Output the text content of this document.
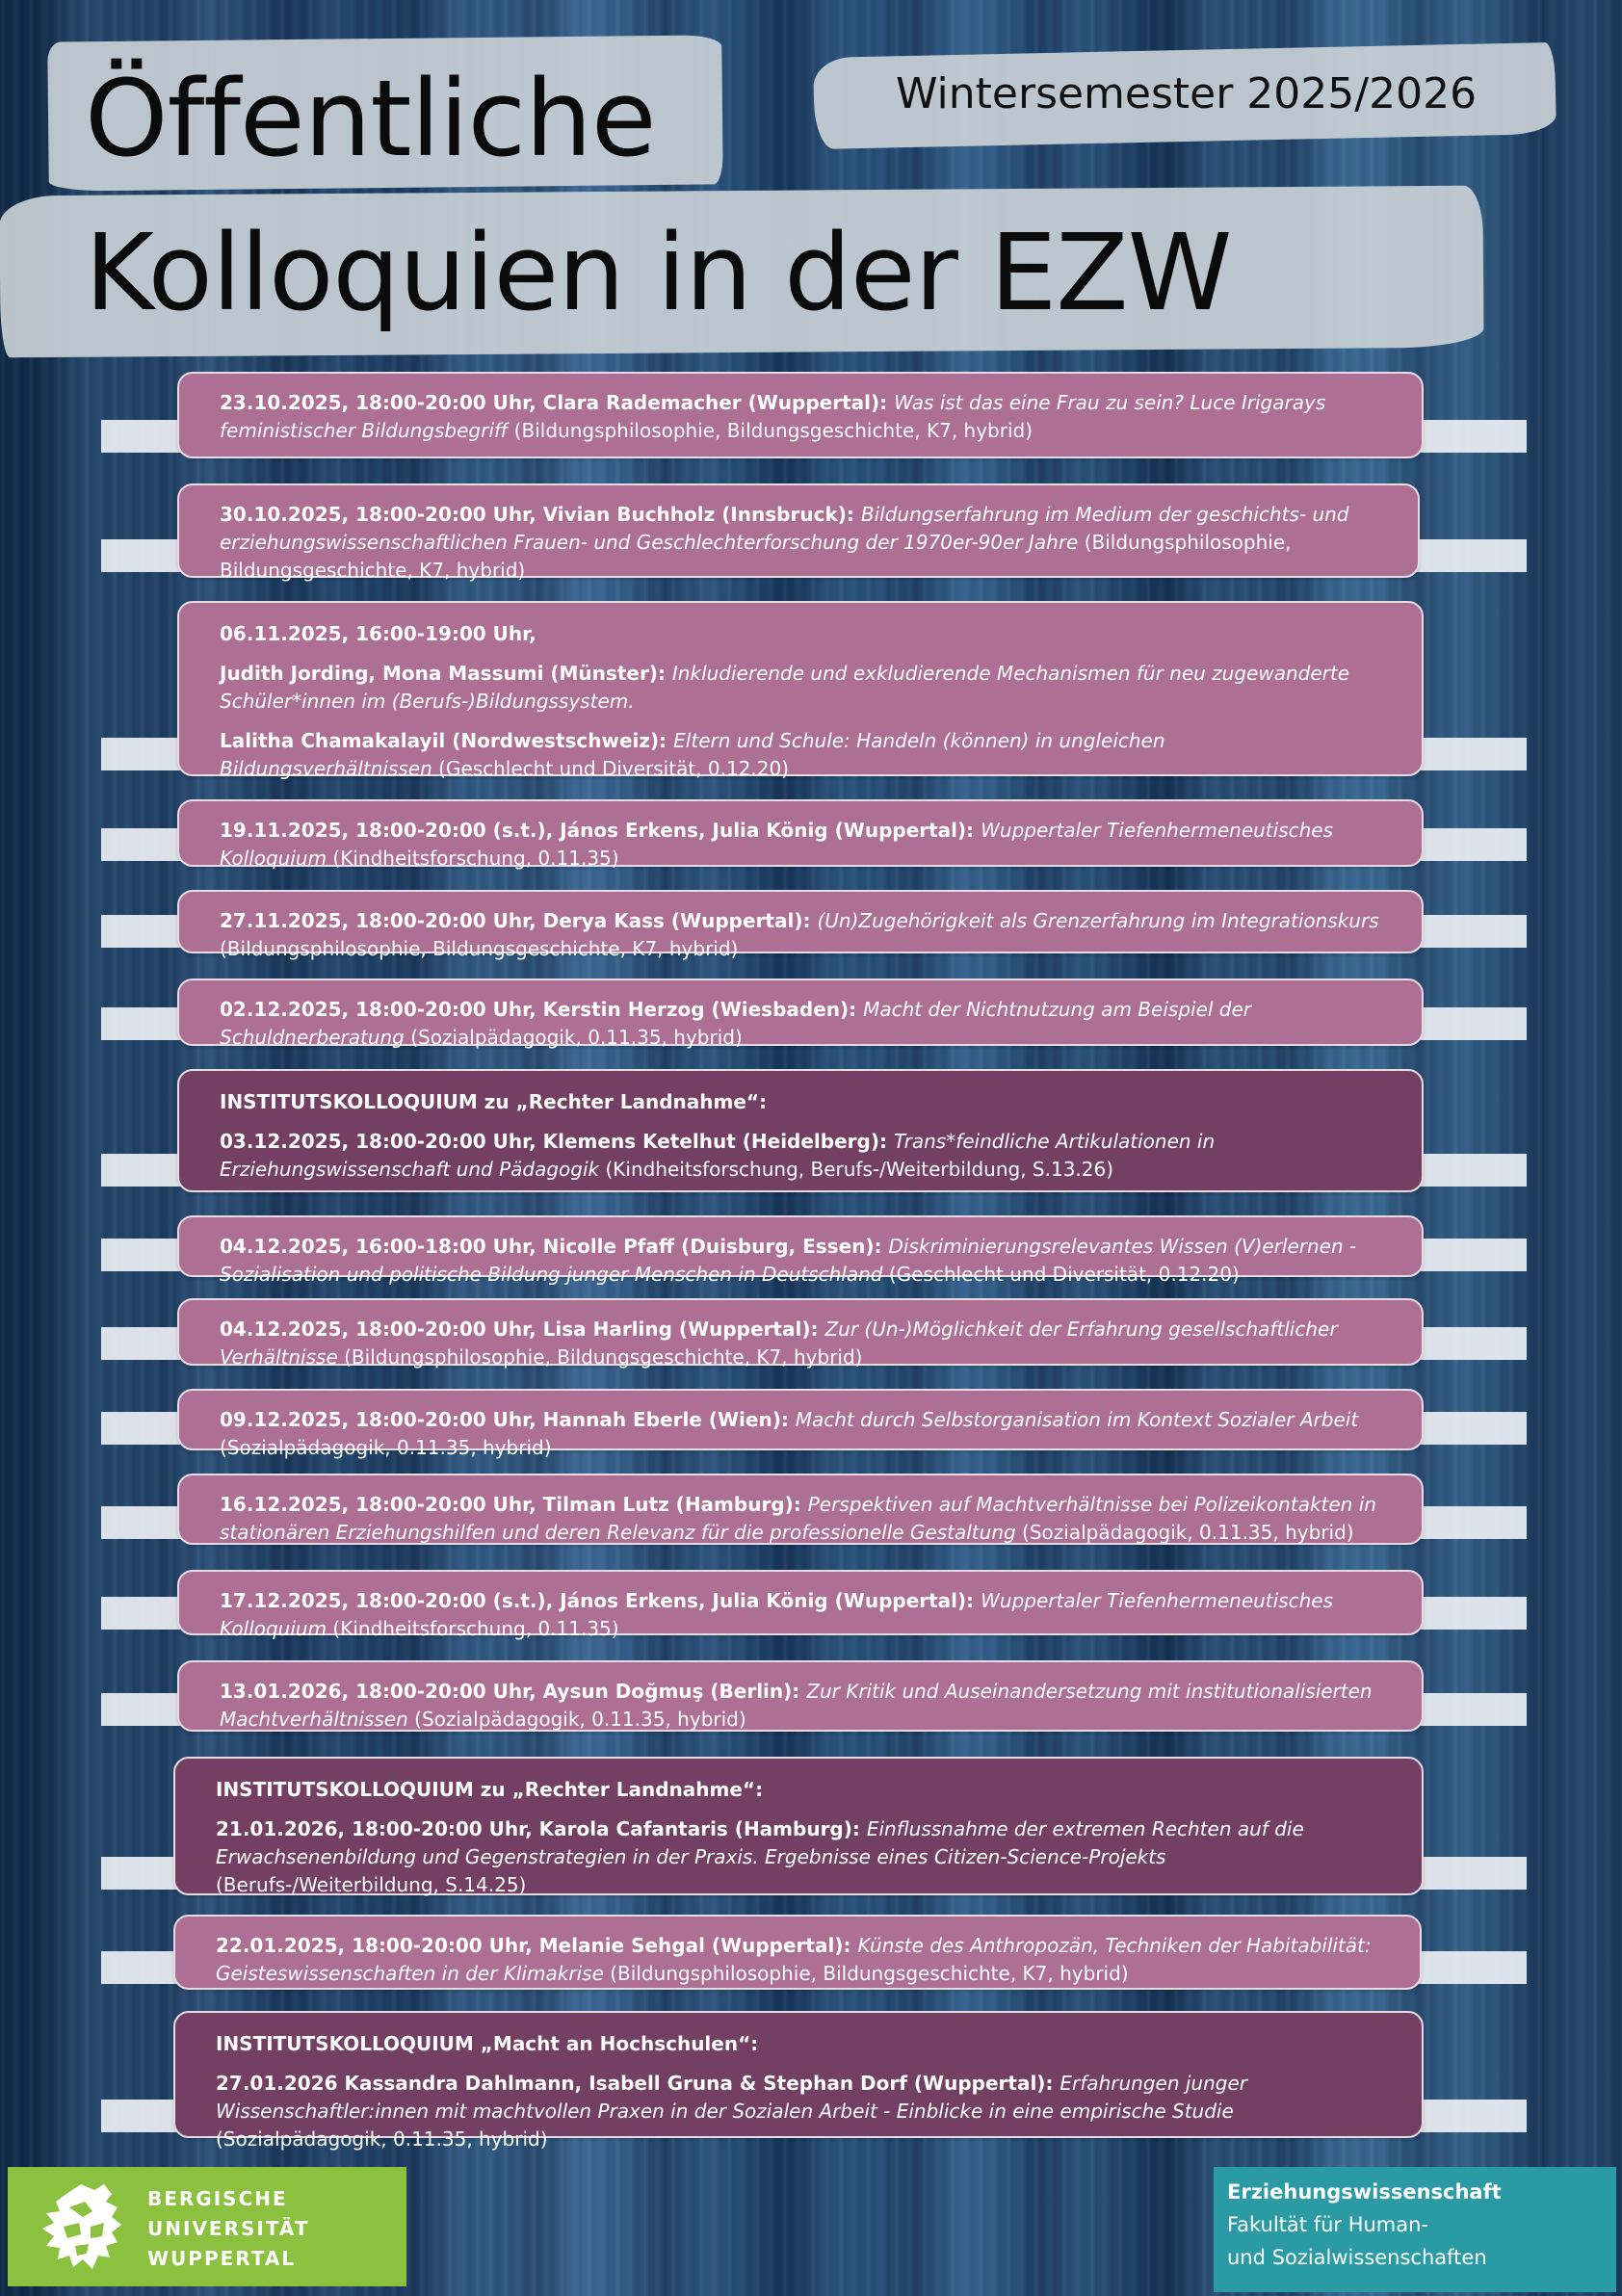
Öffentliche
Kolloquien in der EZW
Wintersemester 2025/2026

23.10.2025, 18:00-20:00 Uhr, Clara Rademacher (Wuppertal): Was ist das eine Frau zu sein? Luce Irigarays feministischer Bildungsbegriff (Bildungsphilosophie, Bildungsgeschichte, K7, hybrid)

30.10.2025, 18:00-20:00 Uhr, Vivian Buchholz (Innsbruck): Bildungserfahrung im Medium der geschichts- und erziehungswissenschaftlichen Frauen- und Geschlechterforschung der 1970er-90er Jahre (Bildungsphilosophie, Bildungsgeschichte, K7, hybrid)

06.11.2025, 16:00-19:00 Uhr,

Judith Jording, Mona Massumi (Münster): Inkludierende und exkludierende Mechanismen für neu zugewanderte Schüler*innen im (Berufs-)Bildungssystem.

Lalitha Chamakalayil (Nordwestschweiz): Eltern und Schule: Handeln (können) in ungleichen Bildungsverhältnissen (Geschlecht und Diversität, 0.12.20)

19.11.2025, 18:00-20:00 (s.t.), János Erkens, Julia König (Wuppertal): Wuppertaler Tiefenhermeneutisches Kolloquium (Kindheitsforschung, 0.11.35)

27.11.2025, 18:00-20:00 Uhr, Derya Kass (Wuppertal): (Un)Zugehörigkeit als Grenzerfahrung im Integrationskurs (Bildungsphilosophie, Bildungsgeschichte, K7, hybrid)

02.12.2025, 18:00-20:00 Uhr, Kerstin Herzog (Wiesbaden): Macht der Nichtnutzung am Beispiel der Schuldnerberatung (Sozialpädagogik, 0.11.35, hybrid)

INSTITUTSKOLLOQUIUM zu „Rechter Landnahme“:

03.12.2025, 18:00-20:00 Uhr, Klemens Ketelhut (Heidelberg): Trans*feindliche Artikulationen in Erziehungswissenschaft und Pädagogik (Kindheitsforschung, Berufs-/Weiterbildung, S.13.26)

04.12.2025, 16:00-18:00 Uhr, Nicolle Pfaff (Duisburg, Essen): Diskriminierungsrelevantes Wissen (V)erlernen - Sozialisation und politische Bildung junger Menschen in Deutschland (Geschlecht und Diversität, 0.12.20)

04.12.2025, 18:00-20:00 Uhr, Lisa Harling (Wuppertal): Zur (Un-)Möglichkeit der Erfahrung gesellschaftlicher Verhältnisse (Bildungsphilosophie, Bildungsgeschichte, K7, hybrid)

09.12.2025, 18:00-20:00 Uhr, Hannah Eberle (Wien): Macht durch Selbstorganisation im Kontext Sozialer Arbeit (Sozialpädagogik, 0.11.35, hybrid)

16.12.2025, 18:00-20:00 Uhr, Tilman Lutz (Hamburg): Perspektiven auf Machtverhältnisse bei Polizeikontakten in stationären Erziehungshilfen und deren Relevanz für die professionelle Gestaltung (Sozialpädagogik, 0.11.35, hybrid)

17.12.2025, 18:00-20:00 (s.t.), János Erkens, Julia König (Wuppertal): Wuppertaler Tiefenhermeneutisches Kolloquium (Kindheitsforschung, 0.11.35)

13.01.2026, 18:00-20:00 Uhr, Aysun Doğmuş (Berlin): Zur Kritik und Auseinandersetzung mit institutionalisierten Machtverhältnissen (Sozialpädagogik, 0.11.35, hybrid)

INSTITUTSKOLLOQUIUM zu „Rechter Landnahme“:

21.01.2026, 18:00-20:00 Uhr, Karola Cafantaris (Hamburg): Einflussnahme der extremen Rechten auf die Erwachsenenbildung und Gegenstrategien in der Praxis. Ergebnisse eines Citizen-Science-Projekts (Berufs-/Weiterbildung, S.14.25)

22.01.2025, 18:00-20:00 Uhr, Melanie Sehgal (Wuppertal): Künste des Anthropozän, Techniken der Habitabilität: Geisteswissenschaften in der Klimakrise (Bildungsphilosophie, Bildungsgeschichte, K7, hybrid)

INSTITUTSKOLLOQUIUM „Macht an Hochschulen“:

27.01.2026 Kassandra Dahlmann, Isabell Gruna & Stephan Dorf (Wuppertal): Erfahrungen junger Wissenschaftler:innen mit machtvollen Praxen in der Sozialen Arbeit - Einblicke in eine empirische Studie (Sozialpädagogik, 0.11.35, hybrid)

BERGISCHE
UNIVERSITÄT
WUPPERTAL
Erziehungswissenschaft
Fakultät für Human-
und Sozialwissenschaften
